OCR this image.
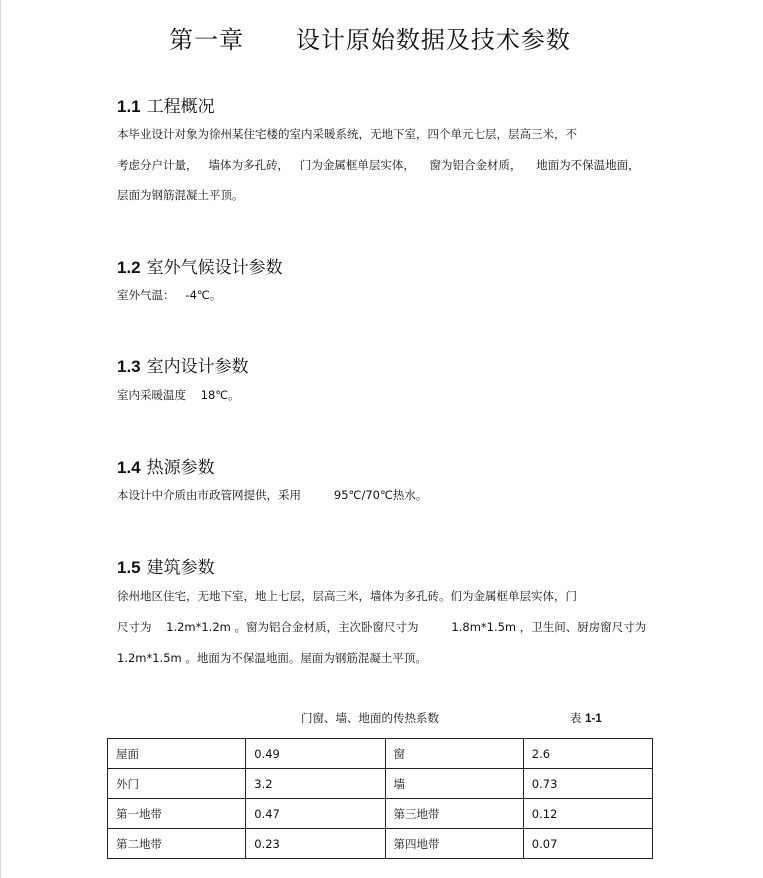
第一章      设计原始数据及技术参数
1.1 工程概况
本毕业设计对象为徐州某住宅楼的室内采暖系统，无地下室，四个单元七层，层高三米，不
考虑分户计量，   墙体为多孔砖，   门为金属框单层实体，    窗为铝合金材质，    地面为不保温地面，
层面为钢筋混凝土平顶。
1.2 室外气候设计参数
室外气温：   -4℃。
1.3 室内设计参数
室内采暖温度    18℃。
1.4 热源参数
本设计中介质由市政管网提供，采用         95℃/70℃热水。
1.5 建筑参数
徐州地区住宅，无地下室，地上七层，层高三米，墙体为多孔砖。们为金属框单层实体，门
尺寸为    1.2m*1.2m 。窗为铝合金材质，主次卧窗尺寸为         1.8m*1.5m ，卫生间、厨房窗尺寸为
1.2m*1.5m 。地面为不保温地面。屋面为钢筋混凝土平顶。
门窗、墙、地面的传热系数	表 1-1
屋面	0.49	窗	2.6
外门	3.2	墙	0.73
第一地带	0.47	第三地带	0.12
第二地带	0.23	第四地带	0.07
